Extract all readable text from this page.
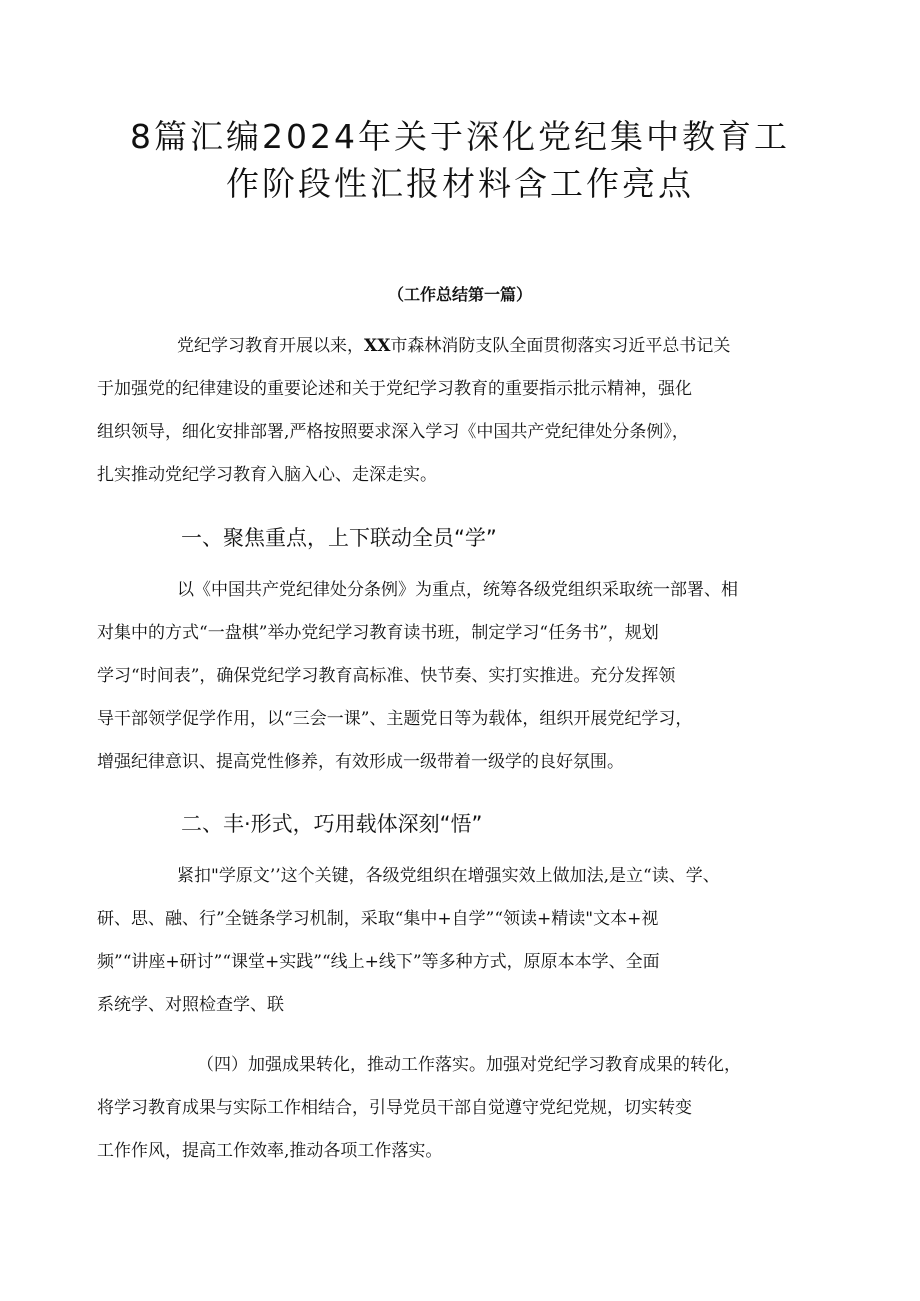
8篇汇编2024年关于深化党纪集中教育工
作阶段性汇报材料含工作亮点

（工作总结第一篇）

党纪学习教育开展以来，XX市森林消防支队全面贯彻落实习近平总书记关
于加强党的纪律建设的重要论述和关于党纪学习教育的重要指示批示精神，强化
组织领导，细化安排部署,严格按照要求深入学习《中国共产党纪律处分条例》，
扎实推动党纪学习教育入脑入心、走深走实。
一、聚焦重点，上下联动全员“学”
以《中国共产党纪律处分条例》为重点，统筹各级党组织采取统一部署、相
对集中的方式“一盘棋”举办党纪学习教育读书班，制定学习“任务书”，规划
学习“时间表”，确保党纪学习教育高标准、快节奏、实打实推进。充分发挥领
导干部领学促学作用，以“三会一课”、主题党日等为载体，组织开展党纪学习，
增强纪律意识、提高党性修养，有效形成一级带着一级学的良好氛围。
二、丰·形式，巧用载体深刻“悟”
紧扣"学原文’’这个关键，各级党组织在增强实效上做加法,是立“读、学、
研、思、融、行”全链条学习机制，采取“集中+自学”“领读+精读"文本+视
频”“讲座+研讨”“课堂+实践”“线上+线下”等多种方式，原原本本学、全面
系统学、对照检查学、联
（四）加强成果转化，推动工作落实。加强对党纪学习教育成果的转化，
将学习教育成果与实际工作相结合，引导党员干部自觉遵守党纪党规，切实转变
工作作风，提高工作效率,推动各项工作落实。
